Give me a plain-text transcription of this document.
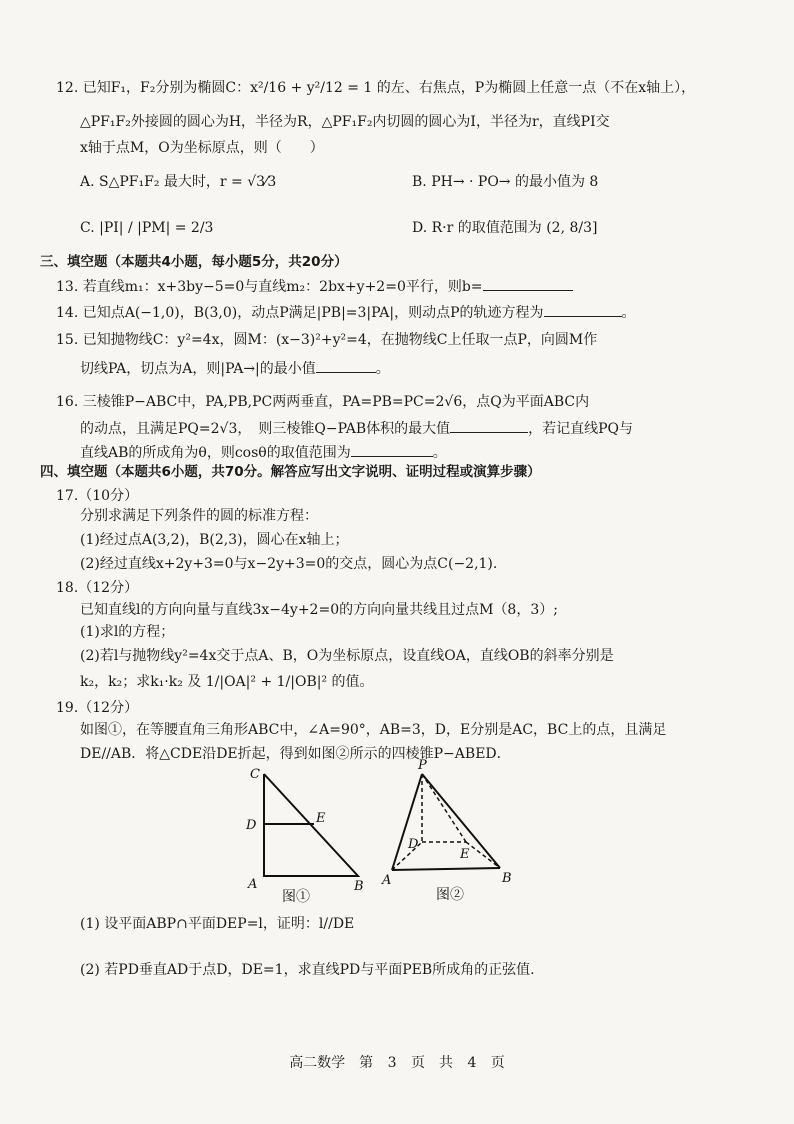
12. 已知F₁，F₂分别为椭圆C：x²/16 + y²/12 = 1 的左、右焦点，P为椭圆上任意一点（不在x轴上），
△PF₁F₂外接圆的圆心为H，半径为R，△PF₁F₂内切圆的圆心为I，半径为r，直线PI交
x轴于点M，O为坐标原点，则（　　）
A. S△PF₁F₂ 最大时，r = √3⁄3	B. PH→ · PO→ 的最小值为 8
C. |PI| / |PM| = 2/3	D. R·r 的取值范围为 (2, 8/3]
三、填空题（本题共4小题，每小题5分，共20分）
13. 若直线m₁：x+3by−5=0与直线m₂：2bx+y+2=0平行，则b=
14. 已知点A(−1,0)，B(3,0)，动点P满足|PB|=3|PA|，则动点P的轨迹方程为	。
15. 已知抛物线C：y²=4x，圆M：(x−3)²+y²=4，在抛物线C上任取一点P，向圆M作
切线PA，切点为A，则|PA→|的最小值	。
16. 三棱锥P−ABC中，PA,PB,PC两两垂直，PA=PB=PC=2√6，点Q为平面ABC内
的动点，且满足PQ=2√3，　则三棱锥Q−PAB体积的最大值	，若记直线PQ与
直线AB的所成角为θ，则cosθ的取值范围为	。
四、填空题（本题共6小题，共70分。解答应写出文字说明、证明过程或演算步骤）
17.（10分）
分别求满足下列条件的圆的标准方程：
(1)经过点A(3,2)，B(2,3)，圆心在x轴上；
(2)经过直线x+2y+3=0与x−2y+3=0的交点，圆心为点C(−2,1).
18.（12分）
已知直线l的方向向量与直线3x−4y+2=0的方向向量共线且过点M（8，3）;
(1)求l的方程；
(2)若l与抛物线y²=4x交于点A、B，O为坐标原点，设直线OA，直线OB的斜率分别是
k₂，k₂；求k₁·k₂ 及 1/|OA|² + 1/|OB|² 的值。
19.（12分）
如图①，在等腰直角三角形ABC中，∠A=90°，AB=3，D，E分别是AC，BC上的点，且满足
DE//AB．将△CDE沿DE折起，得到如图②所示的四棱锥P−ABED．
C
D	E
A	B
图①
P
D
E
A	B
图②
(1) 设平面ABP∩平面DEP=l，证明：l//DE
(2) 若PD垂直AD于点D，DE=1，求直线PD与平面PEB所成角的正弦值.
高二数学　第 3 页　共 4 页
